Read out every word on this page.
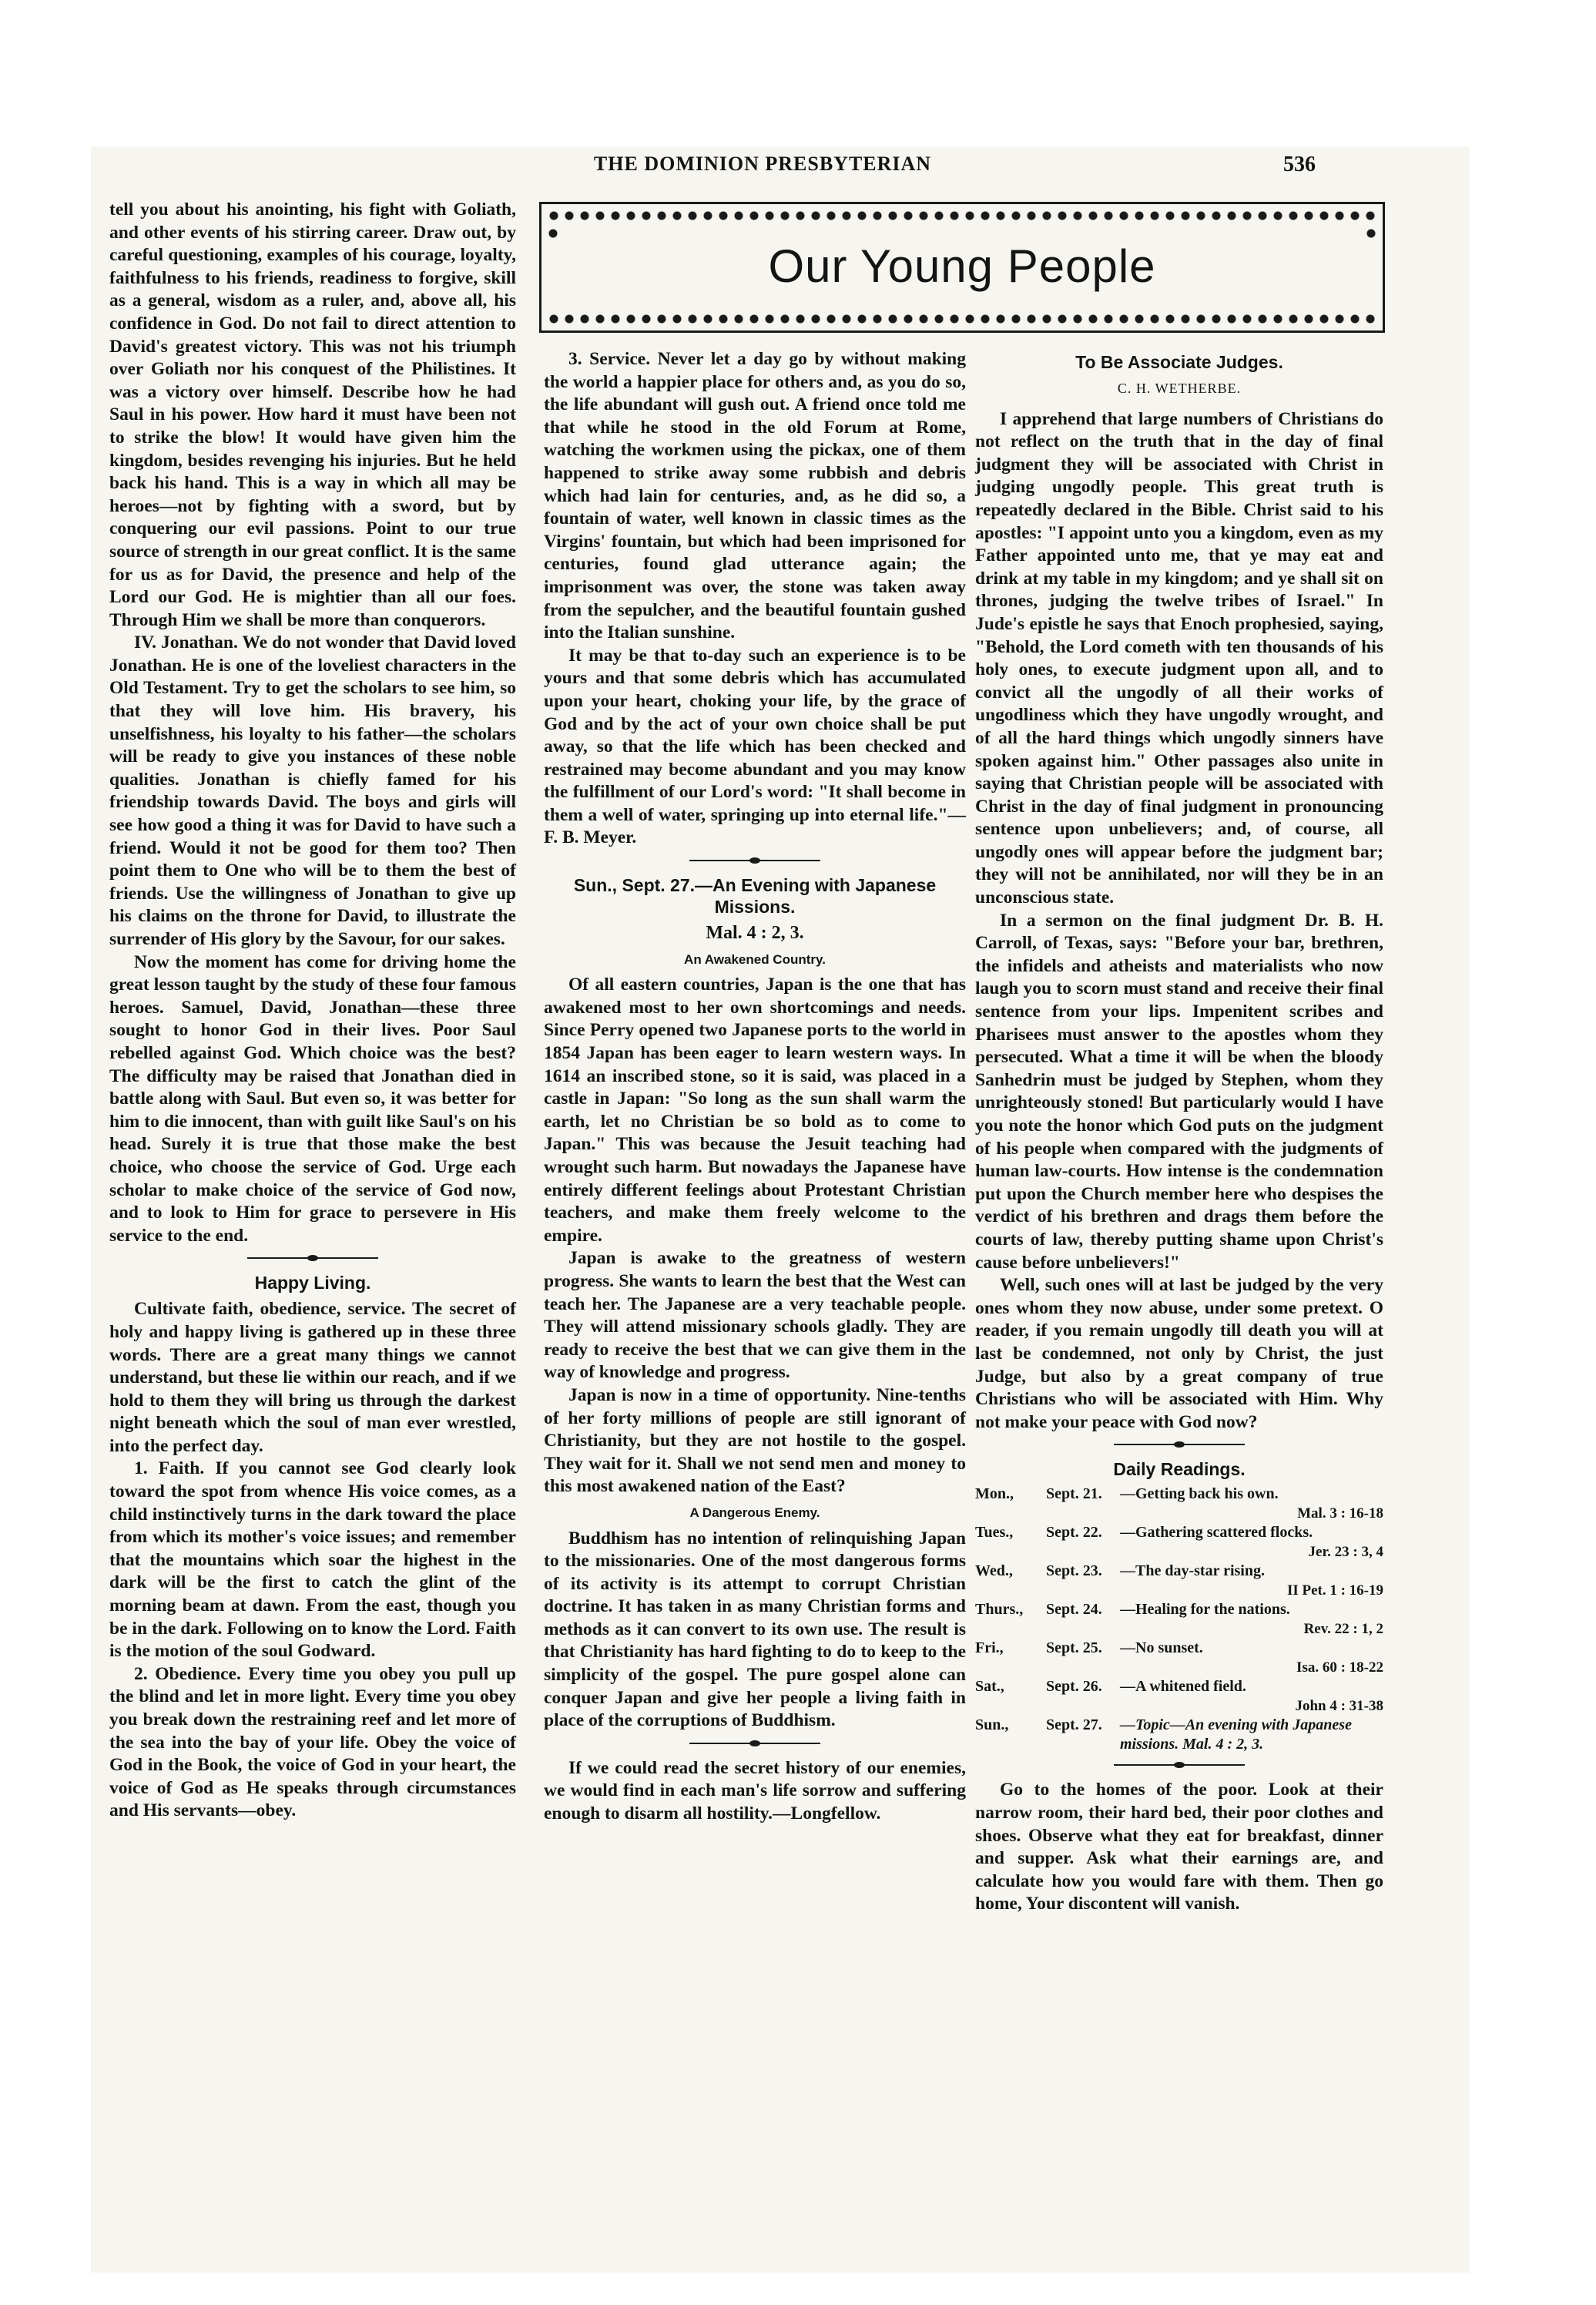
THE DOMINION PRESBYTERIAN	536

tell you about his anointing, his fight with Goliath, and other events of his stirring career. Draw out, by careful questioning, examples of his courage, loyalty, faithfulness to his friends, readiness to forgive, skill as a general, wisdom as a ruler, and, above all, his confidence in God. Do not fail to direct attention to David's greatest victory. This was not his triumph over Goliath nor his conquest of the Philistines. It was a victory over himself. Describe how he had Saul in his power. How hard it must have been not to strike the blow! It would have given him the kingdom, besides revenging his injuries. But he held back his hand. This is a way in which all may be heroes—not by fighting with a sword, but by conquering our evil passions. Point to our true source of strength in our great conflict. It is the same for us as for David, the presence and help of the Lord our God. He is mightier than all our foes. Through Him we shall be more than conquerors.

IV. Jonathan. We do not wonder that David loved Jonathan. He is one of the loveliest characters in the Old Testament. Try to get the scholars to see him, so that they will love him. His bravery, his unselfishness, his loyalty to his father—the scholars will be ready to give you instances of these noble qualities. Jonathan is chiefly famed for his friendship towards David. The boys and girls will see how good a thing it was for David to have such a friend. Would it not be good for them too? Then point them to One who will be to them the best of friends. Use the willingness of Jonathan to give up his claims on the throne for David, to illustrate the surrender of His glory by the Savour, for our sakes.

Now the moment has come for driving home the great lesson taught by the study of these four famous heroes. Samuel, David, Jonathan—these three sought to honor God in their lives. Poor Saul rebelled against God. Which choice was the best? The difficulty may be raised that Jonathan died in battle along with Saul. But even so, it was better for him to die innocent, than with guilt like Saul's on his head. Surely it is true that those make the best choice, who choose the service of God. Urge each scholar to make choice of the service of God now, and to look to Him for grace to persevere in His service to the end.

Happy Living.

Cultivate faith, obedience, service. The secret of holy and happy living is gathered up in these three words. There are a great many things we cannot understand, but these lie within our reach, and if we hold to them they will bring us through the darkest night beneath which the soul of man ever wrestled, into the perfect day.

1. Faith. If you cannot see God clearly look toward the spot from whence His voice comes, as a child instinctively turns in the dark toward the place from which its mother's voice issues; and remember that the mountains which soar the highest in the dark will be the first to catch the glint of the morning beam at dawn. From the east, though you be in the dark. Following on to know the Lord. Faith is the motion of the soul Godward.

2. Obedience. Every time you obey you pull up the blind and let in more light. Every time you obey you break down the restraining reef and let more of the sea into the bay of your life. Obey the voice of God in the Book, the voice of God in your heart, the voice of God as He speaks through circumstances and His servants—obey.

Our Young People

3. Service. Never let a day go by without making the world a happier place for others and, as you do so, the life abundant will gush out. A friend once told me that while he stood in the old Forum at Rome, watching the workmen using the pickax, one of them happened to strike away some rubbish and debris which had lain for centuries, and, as he did so, a fountain of water, well known in classic times as the Virgins' fountain, but which had been imprisoned for centuries, found glad utterance again; the imprisonment was over, the stone was taken away from the sepulcher, and the beautiful fountain gushed into the Italian sunshine.

It may be that to-day such an experience is to be yours and that some debris which has accumulated upon your heart, choking your life, by the grace of God and by the act of your own choice shall be put away, so that the life which has been checked and restrained may become abundant and you may know the fulfillment of our Lord's word: "It shall become in them a well of water, springing up into eternal life."—F. B. Meyer.

Sun., Sept. 27.—An Evening with Japanese Missions.
Mal. 4 : 2, 3.
An Awakened Country.

Of all eastern countries, Japan is the one that has awakened most to her own shortcomings and needs. Since Perry opened two Japanese ports to the world in 1854 Japan has been eager to learn western ways. In 1614 an inscribed stone, so it is said, was placed in a castle in Japan: "So long as the sun shall warm the earth, let no Christian be so bold as to come to Japan." This was because the Jesuit teaching had wrought such harm. But nowadays the Japanese have entirely different feelings about Protestant Christian teachers, and make them freely welcome to the empire.

Japan is awake to the greatness of western progress. She wants to learn the best that the West can teach her. The Japanese are a very teachable people. They will attend missionary schools gladly. They are ready to receive the best that we can give them in the way of knowledge and progress.

Japan is now in a time of opportunity. Nine-tenths of her forty millions of people are still ignorant of Christianity, but they are not hostile to the gospel. They wait for it. Shall we not send men and money to this most awakened nation of the East?

A Dangerous Enemy.

Buddhism has no intention of relinquishing Japan to the missionaries. One of the most dangerous forms of its activity is its attempt to corrupt Christian doctrine. It has taken in as many Christian forms and methods as it can convert to its own use. The result is that Christianity has hard fighting to do to keep to the simplicity of the gospel. The pure gospel alone can conquer Japan and give her people a living faith in place of the corruptions of Buddhism.

If we could read the secret history of our enemies, we would find in each man's life sorrow and suffering enough to disarm all hostility.—Longfellow.

To Be Associate Judges.
C. H. WETHERBE.

I apprehend that large numbers of Christians do not reflect on the truth that in the day of final judgment they will be associated with Christ in judging ungodly people. This great truth is repeatedly declared in the Bible. Christ said to his apostles: "I appoint unto you a kingdom, even as my Father appointed unto me, that ye may eat and drink at my table in my kingdom; and ye shall sit on thrones, judging the twelve tribes of Israel." In Jude's epistle he says that Enoch prophesied, saying, "Behold, the Lord cometh with ten thousands of his holy ones, to execute judgment upon all, and to convict all the ungodly of all their works of ungodliness which they have ungodly wrought, and of all the hard things which ungodly sinners have spoken against him." Other passages also unite in saying that Christian people will be associated with Christ in the day of final judgment in pronouncing sentence upon unbelievers; and, of course, all ungodly ones will appear before the judgment bar; they will not be annihilated, nor will they be in an unconscious state.

In a sermon on the final judgment Dr. B. H. Carroll, of Texas, says: "Before your bar, brethren, the infidels and atheists and materialists who now laugh you to scorn must stand and receive their final sentence from your lips. Impenitent scribes and Pharisees must answer to the apostles whom they persecuted. What a time it will be when the bloody Sanhedrin must be judged by Stephen, whom they unrighteously stoned! But particularly would I have you note the honor which God puts on the judgment of his people when compared with the judgments of human law-courts. How intense is the condemnation put upon the Church member here who despises the verdict of his brethren and drags them before the courts of law, thereby putting shame upon Christ's cause before unbelievers!"

Well, such ones will at last be judged by the very ones whom they now abuse, under some pretext. O reader, if you remain ungodly till death you will at last be condemned, not only by Christ, the just Judge, but also by a great company of true Christians who will be associated with Him. Why not make your peace with God now?

Daily Readings.
Mon.,	Sept. 21.	—Getting back his own.
Mal. 3 : 16-18
Tues.,	Sept. 22.	—Gathering scattered flocks.
Jer. 23 : 3, 4
Wed.,	Sept. 23.	—The day-star rising.
II Pet. 1 : 16-19
Thurs.,	Sept. 24.	—Healing for the nations.
Rev. 22 : 1, 2
Fri.,	Sept. 25.	—No sunset.
Isa. 60 : 18-22
Sat.,	Sept. 26.	—A whitened field.
John 4 : 31-38
Sun.,	Sept. 27.	—Topic—An evening with Japanese missions. Mal. 4 : 2, 3.

Go to the homes of the poor. Look at their narrow room, their hard bed, their poor clothes and shoes. Observe what they eat for breakfast, dinner and supper. Ask what their earnings are, and calculate how you would fare with them. Then go home, Your discontent will vanish.
